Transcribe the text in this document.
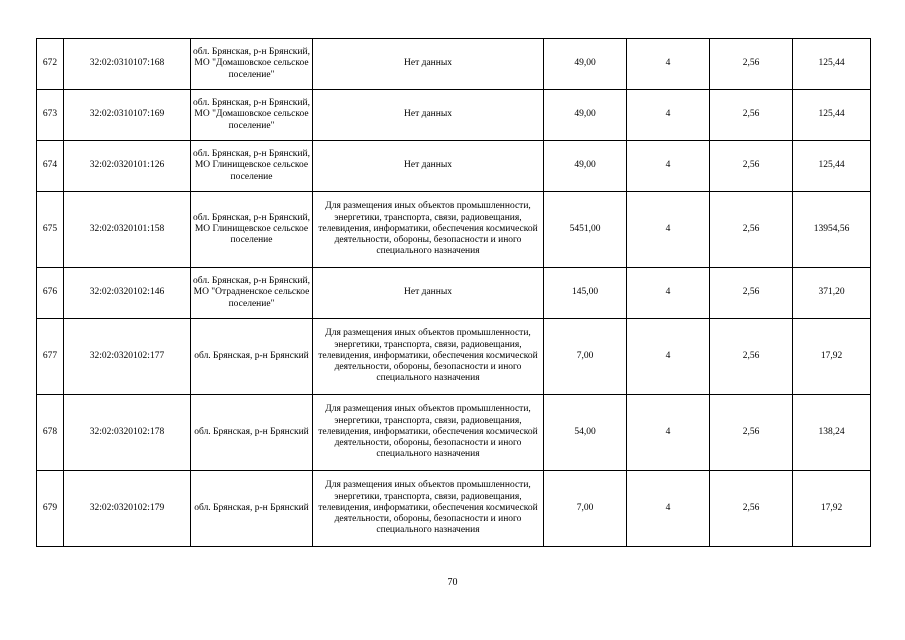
672	32:02:0310107:168	обл. Брянская, р-н Брянский, МО "Домашовское сельское поселение"	Нет данных	49,00	4	2,56	125,44
673	32:02:0310107:169	обл. Брянская, р-н Брянский, МО "Домашовское сельское поселение"	Нет данных	49,00	4	2,56	125,44
674	32:02:0320101:126	обл. Брянская, р-н Брянский, МО Глинищевское сельское поселение	Нет данных	49,00	4	2,56	125,44
675	32:02:0320101:158	обл. Брянская, р-н Брянский, МО Глинищевское сельское поселение	Для размещения иных объектов промышленности, энергетики, транспорта, связи, радиовещания, телевидения, информатики, обеспечения космической деятельности, обороны, безопасности и иного специального назначения	5451,00	4	2,56	13954,56
676	32:02:0320102:146	обл. Брянская, р-н Брянский, МО "Отрадненское сельское поселение"	Нет данных	145,00	4	2,56	371,20
677	32:02:0320102:177	обл. Брянская, р-н Брянский	Для размещения иных объектов промышленности, энергетики, транспорта, связи, радиовещания, телевидения, информатики, обеспечения космической деятельности, обороны, безопасности и иного специального назначения	7,00	4	2,56	17,92
678	32:02:0320102:178	обл. Брянская, р-н Брянский	Для размещения иных объектов промышленности, энергетики, транспорта, связи, радиовещания, телевидения, информатики, обеспечения космической деятельности, обороны, безопасности и иного специального назначения	54,00	4	2,56	138,24
679	32:02:0320102:179	обл. Брянская, р-н Брянский	Для размещения иных объектов промышленности, энергетики, транспорта, связи, радиовещания, телевидения, информатики, обеспечения космической деятельности, обороны, безопасности и иного специального назначения	7,00	4	2,56	17,92
70
